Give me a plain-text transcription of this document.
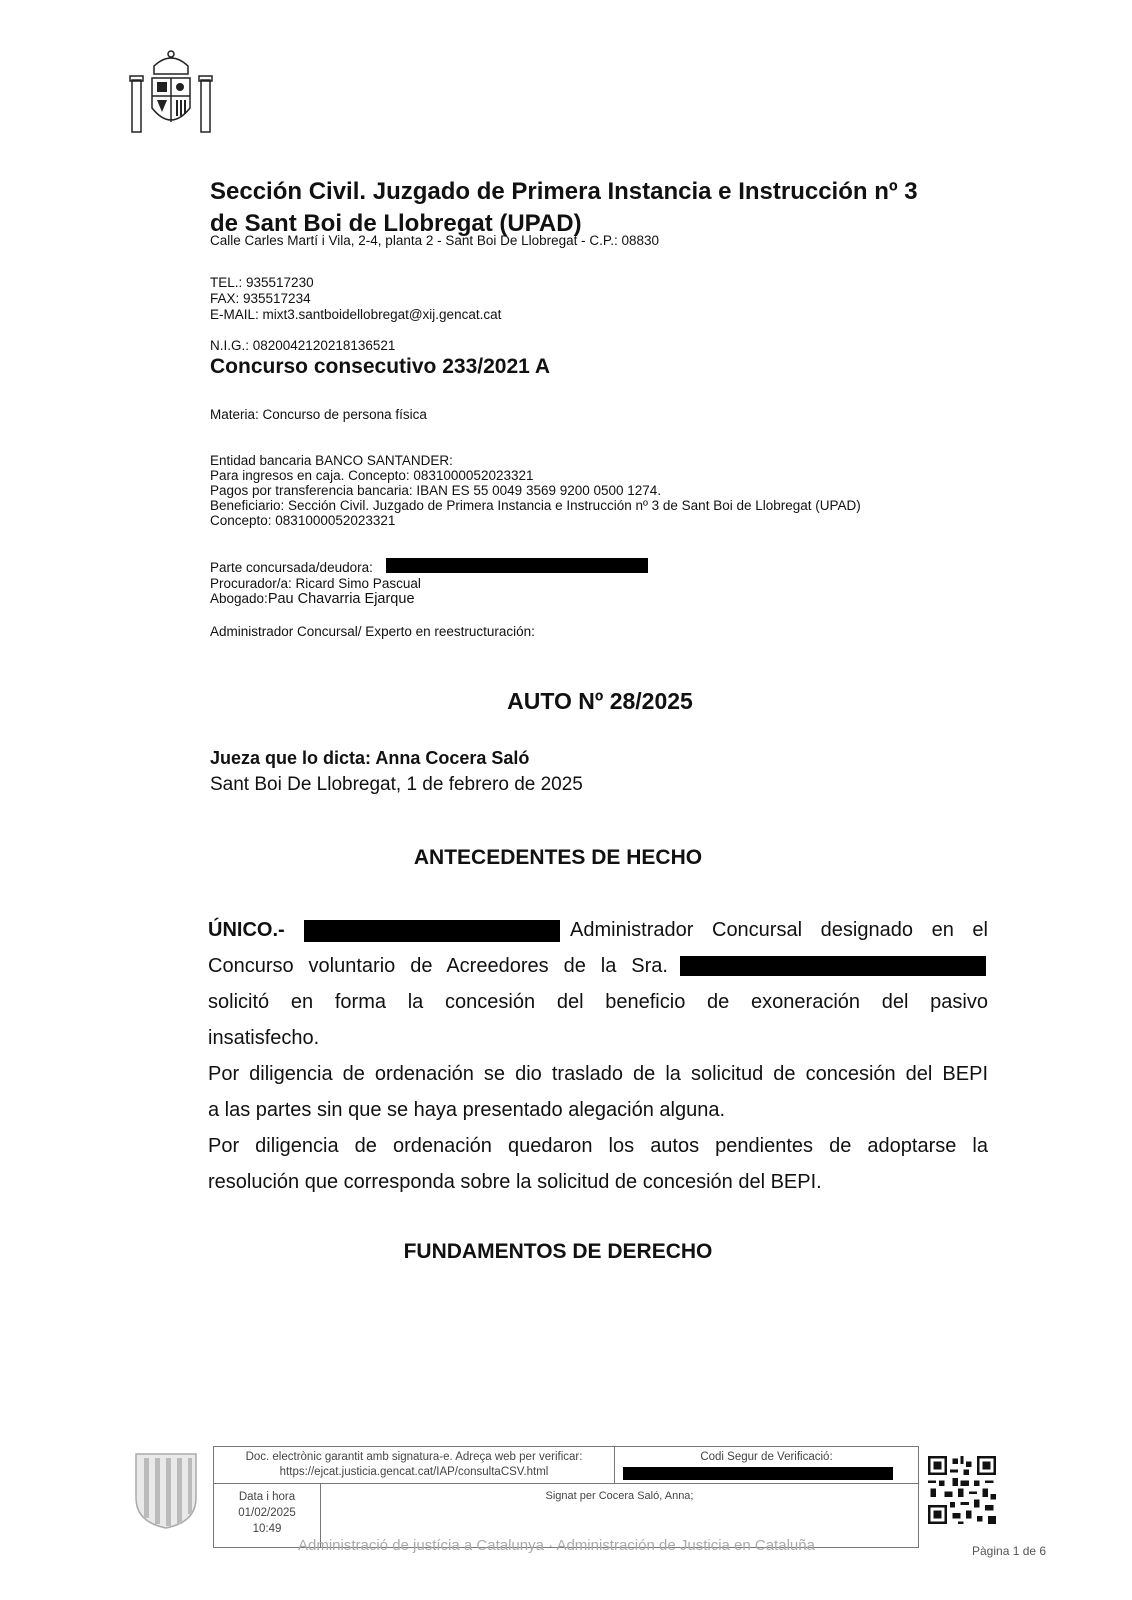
Sección Civil. Juzgado de Primera Instancia e Instrucción nº 3
de Sant Boi de Llobregat (UPAD)
Calle Carles Martí i Vila, 2-4, planta 2 - Sant Boi De Llobregat - C.P.: 08830
TEL.: 935517230
FAX: 935517234
E-MAIL: mixt3.santboidellobregat@xij.gencat.cat
N.I.G.: 0820042120218136521
Concurso consecutivo 233/2021 A
Materia: Concurso de persona física
Entidad bancaria BANCO SANTANDER:
Para ingresos en caja. Concepto: 0831000052023321
Pagos por transferencia bancaria: IBAN ES 55 0049 3569 9200 0500 1274.
Beneficiario: Sección Civil. Juzgado de Primera Instancia e Instrucción nº 3 de Sant Boi de Llobregat (UPAD)
Concepto: 0831000052023321
Parte concursada/deudora:
Procurador/a: Ricard Simo Pascual
Abogado:Pau Chavarria Ejarque
Administrador Concursal/ Experto en reestructuración:
AUTO Nº 28/2025
Jueza que lo dicta: Anna Cocera Saló
Sant Boi De Llobregat, 1 de febrero de 2025
ANTECEDENTES DE HECHO
ÚNICO.-	Administrador Concursal designado en el
Concurso voluntario de Acreedores de la Sra.
solicitó en forma la concesión del beneficio de exoneración del pasivo
insatisfecho.
Por diligencia de ordenación se dio traslado de la solicitud de concesión del BEPI
a las partes sin que se haya presentado alegación alguna.
Por diligencia de ordenación quedaron los autos pendientes de adoptarse la
resolución que corresponda sobre la solicitud de concesión del BEPI.
FUNDAMENTOS DE DERECHO
Doc. electrònic garantit amb signatura-e. Adreça web per verificar:
https://ejcat.justicia.gencat.cat/IAP/consultaCSV.html
Codi Segur de Verificació:
Data i hora
01/02/2025
10:49
Signat per Cocera Saló, Anna;
Administració de justícia a Catalunya · Administración de Justicia en Cataluña	Pàgina 1 de 6
